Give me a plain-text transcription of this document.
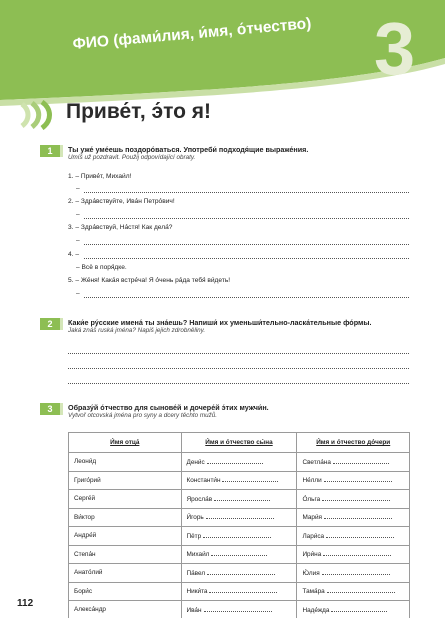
ФИО (фами́лия, и́мя, о́тчество) 3
Приве́т, э́то я!
1	Ты уже́ уме́ешь поздоро́ваться. Употреби́ подходя́щие выраже́ния.
Umíš už pozdravit. Použij odpovídající obraty.
1. – Приве́т, Михаи́л!
–
2. – Здра́вствуйте, Ива́н Петро́вич!
–
3. – Здра́вствуй, На́стя! Как дела́?
–
4. –
– Всё в поря́дке.
5. – Же́ня! Кака́я встре́ча! Я о́чень ра́да тебя́ ви́деть!
–
2	Каки́е ру́сские имена́ ты зна́ешь? Напиши́ их уменьши́тельно-ласка́тельные фо́рмы.
Jaká znáš ruská jména? Napiš jejich zdrobněliny.
3	Образу́й о́тчество для сынове́й и дочере́й э́тих мужчи́н.
Vytvoř otcovská jména pro syny a dcery těchto mužů.
И́мя отца́	И́мя и о́тчество сы́на	И́мя и о́тчество до́чери
Леони́д	Дени́с	Светла́на
Григо́рий	Константи́н	Не́лли
Серге́й	Яросла́в	О́льга
Ви́ктор	И́горь	Мари́я
Андре́й	Пётр	Лари́са
Степа́н	Михаи́л	Ири́на
Анато́лий	Па́вел	Ю́лия
Бори́с	Ники́та	Тама́ра
Алекса́ндр	Ива́н	Наде́жда
112
